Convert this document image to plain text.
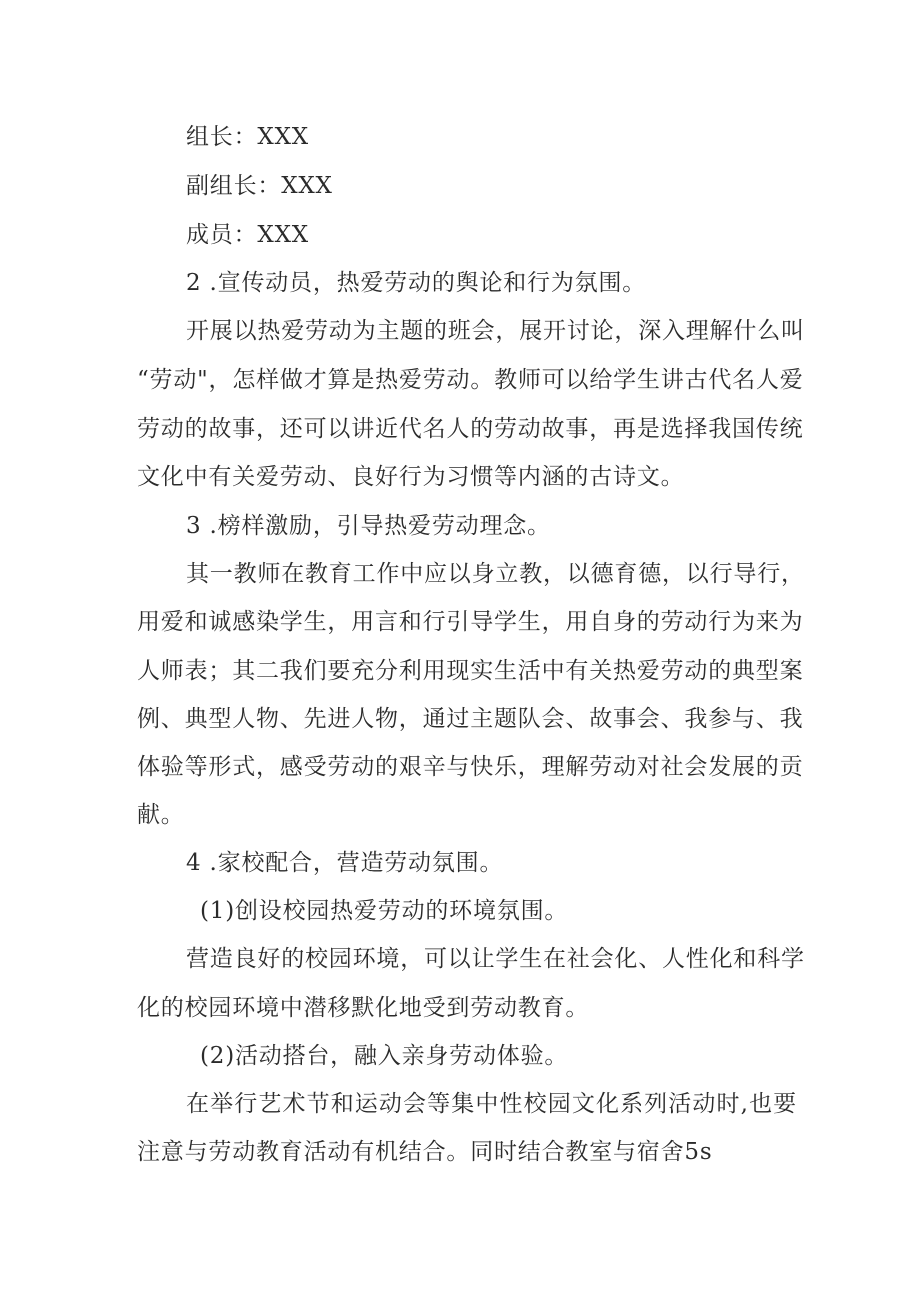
组长：XXX
副组长：XXX
成员：XXX
2 .宣传动员，热爱劳动的舆论和行为氛围。
开展以热爱劳动为主题的班会，展开讨论，深入理解什么叫
“劳动"，怎样做才算是热爱劳动。教师可以给学生讲古代名人爱
劳动的故事，还可以讲近代名人的劳动故事，再是选择我国传统
文化中有关爱劳动、良好行为习惯等内涵的古诗文。
3 .榜样激励，引导热爱劳动理念。
其一教师在教育工作中应以身立教，以德育德，以行导行，
用爱和诚感染学生，用言和行引导学生，用自身的劳动行为来为
人师表；其二我们要充分利用现实生活中有关热爱劳动的典型案
例、典型人物、先进人物，通过主题队会、故事会、我参与、我
体验等形式，感受劳动的艰辛与快乐，理解劳动对社会发展的贡
献。
4 .家校配合，营造劳动氛围。
(1)创设校园热爱劳动的环境氛围。
营造良好的校园环境，可以让学生在社会化、人性化和科学
化的校园环境中潜移默化地受到劳动教育。
(2)活动搭台，融入亲身劳动体验。
在举行艺术节和运动会等集中性校园文化系列活动时,也要
注意与劳动教育活动有机结合。同时结合教室与宿舍5s
